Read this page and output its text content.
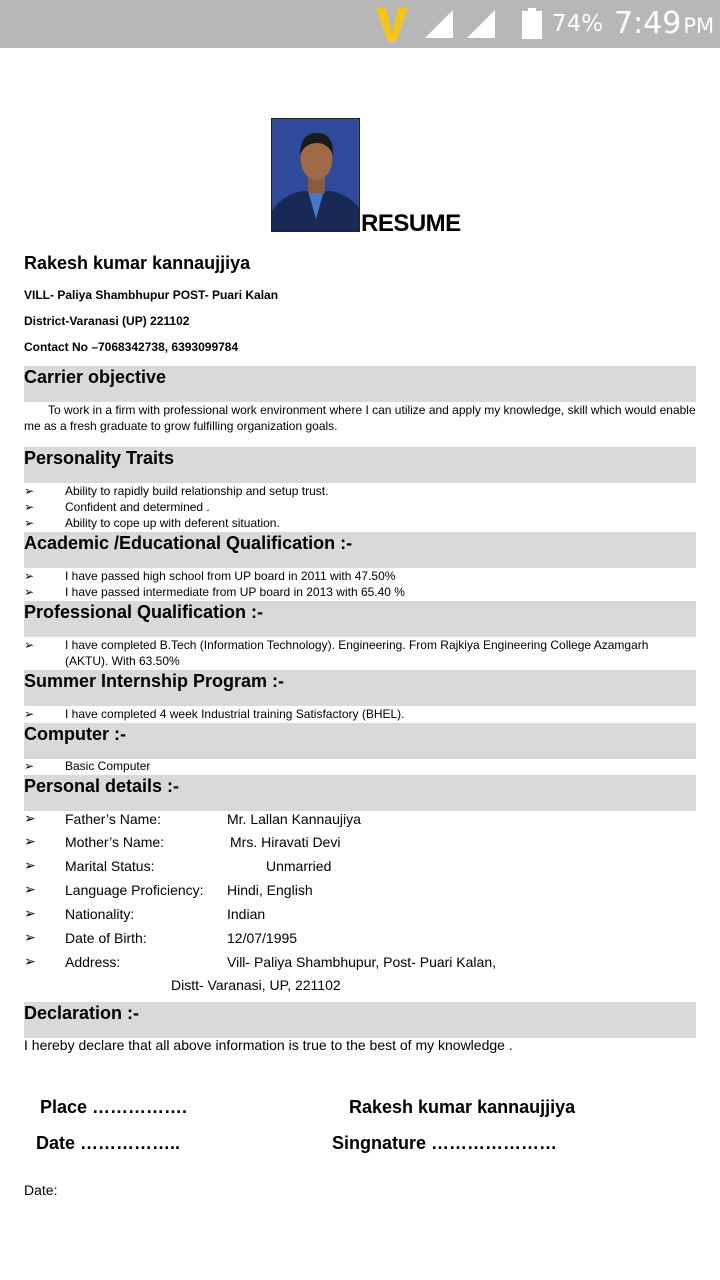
74% 7:49PM
RESUME
Rakesh kumar kannaujjiya
VILL- Paliya Shambhupur POST- Puari Kalan
District-Varanasi (UP) 221102
Contact No –7068342738, 6393099784
Carrier objective
To work in a firm with professional work environment where I can utilize and apply my knowledge, skill which would enable me as a fresh graduate to grow fulfilling organization goals.
Personality Traits
➢	Ability to rapidly build relationship and setup trust.
➢	Confident and determined .
➢	Ability to cope up with deferent situation.
Academic /Educational Qualification :-
➢	I have passed high school from UP board in 2011 with 47.50%
➢	I have passed intermediate from UP board in 2013 with 65.40 %
Professional Qualification :-
➢	I have completed B.Tech (Information Technology). Engineering. From Rajkiya Engineering College Azamgarh (AKTU). With 63.50%
Summer Internship Program :-
➢	I have completed 4 week Industrial training Satisfactory (BHEL).
Computer :-
➢	Basic Computer
Personal details :-
➢ Father’s Name:	Mr. Lallan Kannaujiya
➢ Mother’s Name:	Mrs. Hiravati Devi
➢ Marital Status:	Unmarried
➢ Language Proficiency: Hindi, English
➢ Nationality:	Indian
➢ Date of Birth:	12/07/1995
➢ Address:	Vill- Paliya Shambhupur, Post- Puari Kalan,
Distt- Varanasi, UP, 221102
Declaration :-
I hereby declare that all above information is true to the best of my knowledge .
Place …………….	Rakesh kumar kannaujjiya
Date ……………..	Singnature …………………
Date:
